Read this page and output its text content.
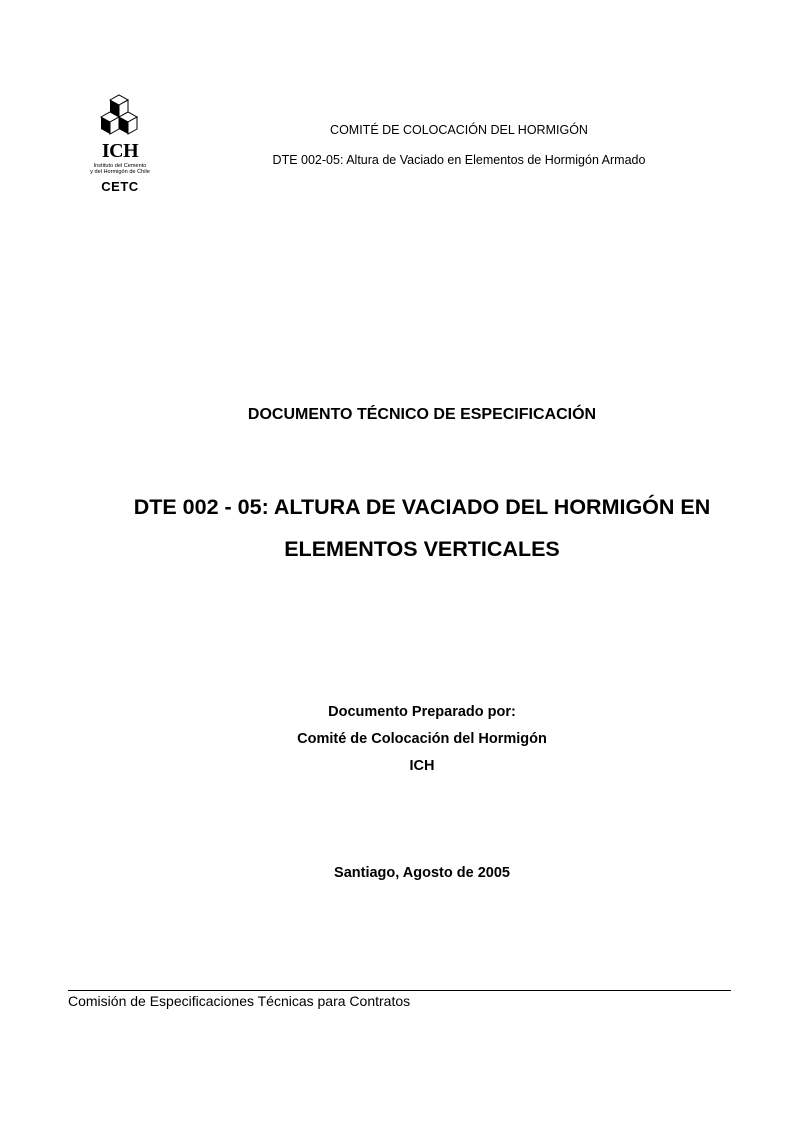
ICH
Instituto del Cemento
y del Hormigón de Chile
CETC
COMITÉ DE COLOCACIÓN DEL HORMIGÓN
DTE 002-05: Altura de Vaciado en Elementos de Hormigón Armado
DOCUMENTO TÉCNICO DE ESPECIFICACIÓN
DTE 002 - 05: ALTURA DE VACIADO DEL HORMIGÓN EN
ELEMENTOS VERTICALES
Documento Preparado por:
Comité de Colocación del Hormigón
ICH
Santiago, Agosto de 2005
Comisión de Especificaciones Técnicas para Contratos
